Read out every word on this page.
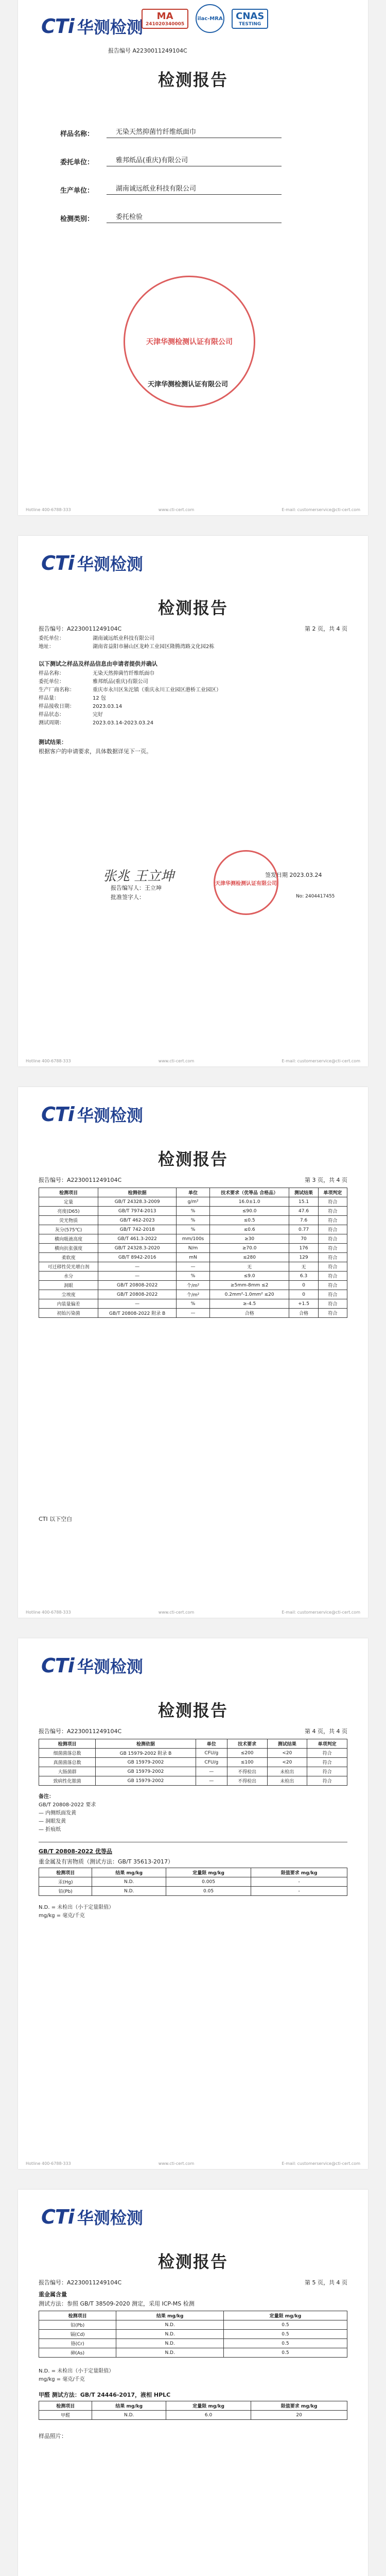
CTi 华测检测
MA
241020340005
ilac-MRA	CNAS
TESTING
报告编号 A2230011249104C
检测报告
样品名称：	无染天然抑菌竹纤维纸面巾
委托单位：	雅邦纸品(重庆)有限公司
生产单位：	湖南诚远纸业科技有限公司
检测类别：	委托检验
天津华测检测认证有限公司
天津华测检测认证有限公司
Hotline 400-6788-333	www.cti-cert.com	E-mail: customerservice@cti-cert.com
CTi 华测检测
检测报告
报告编号：A2230011249104C	第 2 页，共 4 页
委托单位：	湖南诚远纸业科技有限公司
地址：	湖南省益阳市赫山区龙岭工业园区隆腾湾路文化园2栋
以下测试之样品及样品信息由申请者提供并确认
样品名称：	无染天然抑菌竹纤维纸面巾
委托单位：	雅邦纸品(重庆)有限公司
生产厂商名称：	重庆市永川区朱沱镇（重庆永川工业园区港桥工业园区）
样品量：	12 包
样品接收日期：	2023.03.14
样品状态：	完好
测试周期：	2023.03.14-2023.03.24
测试结果：
根据客户的申请要求，具体数据详见下一页。
张兆 王立坤
报告编写人：王立坤
批准签字人：
签发日期 2023.03.24
天津华测检测认证有限公司
No: 2404417455
Hotline 400-6788-333	www.cti-cert.com	E-mail: customerservice@cti-cert.com
CTi 华测检测
检测报告
报告编号：A2230011249104C	第 3 页，共 4 页
检测项目	检测依据	单位	技术要求（优等品 合格品）	测试结果	单项判定
定量	GB/T 24328.3-2009	g/m²	16.0±1.0	15.1	符合
亮度(D65)	GB/T 7974-2013	%	≤90.0	47.6	符合
荧光物质	GB/T 462-2023	%	≤0.5	7.6	符合
灰分(575℃)	GB/T 742-2018	%	≤0.6	0.77	符合
横向吸液高度	GB/T 461.3-2022	mm/100s	≥30	70	符合
横向抗张强度	GB/T 24328.3-2020	N/m	≥70.0	176	符合
柔软度	GB/T 8942-2016	mN	≤280	129	符合
可迁移性荧光增白剂	—	—	无	无	符合
水分	—	%	≤9.0	6.3	符合
洞眼	GB/T 20808-2022	个/m²	≥5mm-8mm ≤2	0	符合
尘埃度	GB/T 20808-2022	个/m²	0.2mm²-1.0mm² ≤20	0	符合
内装量偏差	—	%	≥-4.5	+1.5	符合
初始污染菌	GB/T 20808-2022 附录 B	—	合格	合格	符合
CTI 以下空白
Hotline 400-6788-333	www.cti-cert.com	E-mail: customerservice@cti-cert.com
CTi 华测检测
检测报告
报告编号：A2230011249104C	第 4 页，共 4 页
检测项目	检测依据	单位	技术要求	测试结果	单项判定
细菌菌落总数	GB 15979-2002 附录 B	CFU/g	≤200	<20	符合
真菌菌落总数	GB 15979-2002	CFU/g	≤100	<20	符合
大肠菌群	GB 15979-2002	—	不得检出	未检出	符合
致病性化脓菌	GB 15979-2002	—	不得检出	未检出	符合
备注：
GB/T 20808-2022 要求
— 内侧纸面发黄
— 洞眼发黄
— 折痕纸
GB/T 20808-2022 优等品
重金属及有害物质（测试方法：GB/T 35613-2017）
检测项目	结果 mg/kg	定量限 mg/kg	限值要求 mg/kg
汞(Hg)	N.D.	0.005	-
铅(Pb)	N.D.	0.05	-
N.D. = 未检出（小于定量限值）
mg/kg = 毫克/千克
Hotline 400-6788-333	www.cti-cert.com	E-mail: customerservice@cti-cert.com
CTi 华测检测
检测报告
报告编号：A2230011249104C	第 5 页，共 4 页
重金属含量
测试方法：参照 GB/T 38509-2020 测定，采用 ICP-MS 检测
检测项目	结果 mg/kg	定量限 mg/kg
铅(Pb)	N.D.	0.5
镉(Cd)	N.D.	0.5
铬(Cr)	N.D.	0.5
砷(As)	N.D.	0.5
N.D. = 未检出（小于定量限值）
mg/kg = 毫克/千克
甲醛 测试方法：GB/T 24446-2017，液相 HPLC
检测项目	结果 mg/kg	定量限 mg/kg	限值要求 mg/kg
甲醛	N.D.	6.0	20
样品照片：
